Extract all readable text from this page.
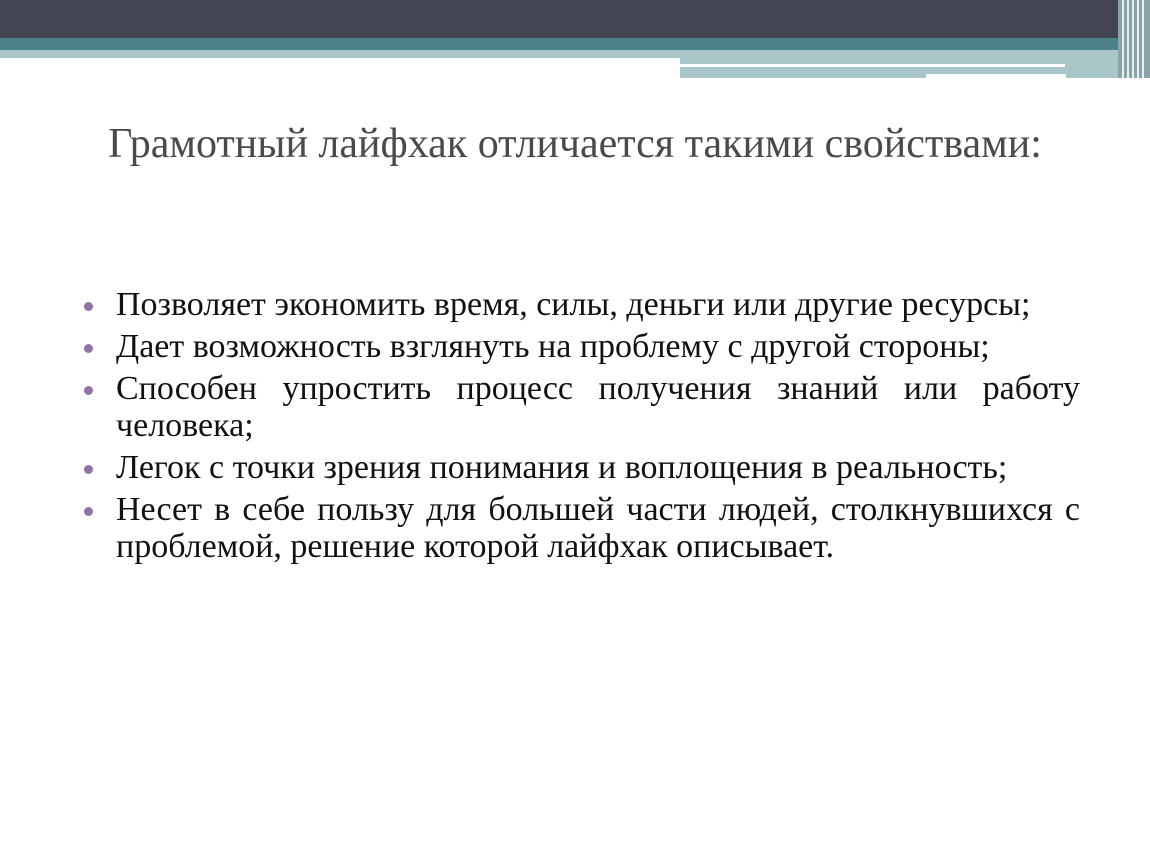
Грамотный лайфхак отличается такими свойствами:
Позволяет экономить время, силы, деньги или другие ресурсы;
Дает возможность взглянуть на проблему с другой стороны;
Способен упростить процесс получения знаний или работу человека;
Легок с точки зрения понимания и воплощения в реальность;
Несет в себе пользу для большей части людей, столкнувшихся с проблемой, решение которой лайфхак описывает.
